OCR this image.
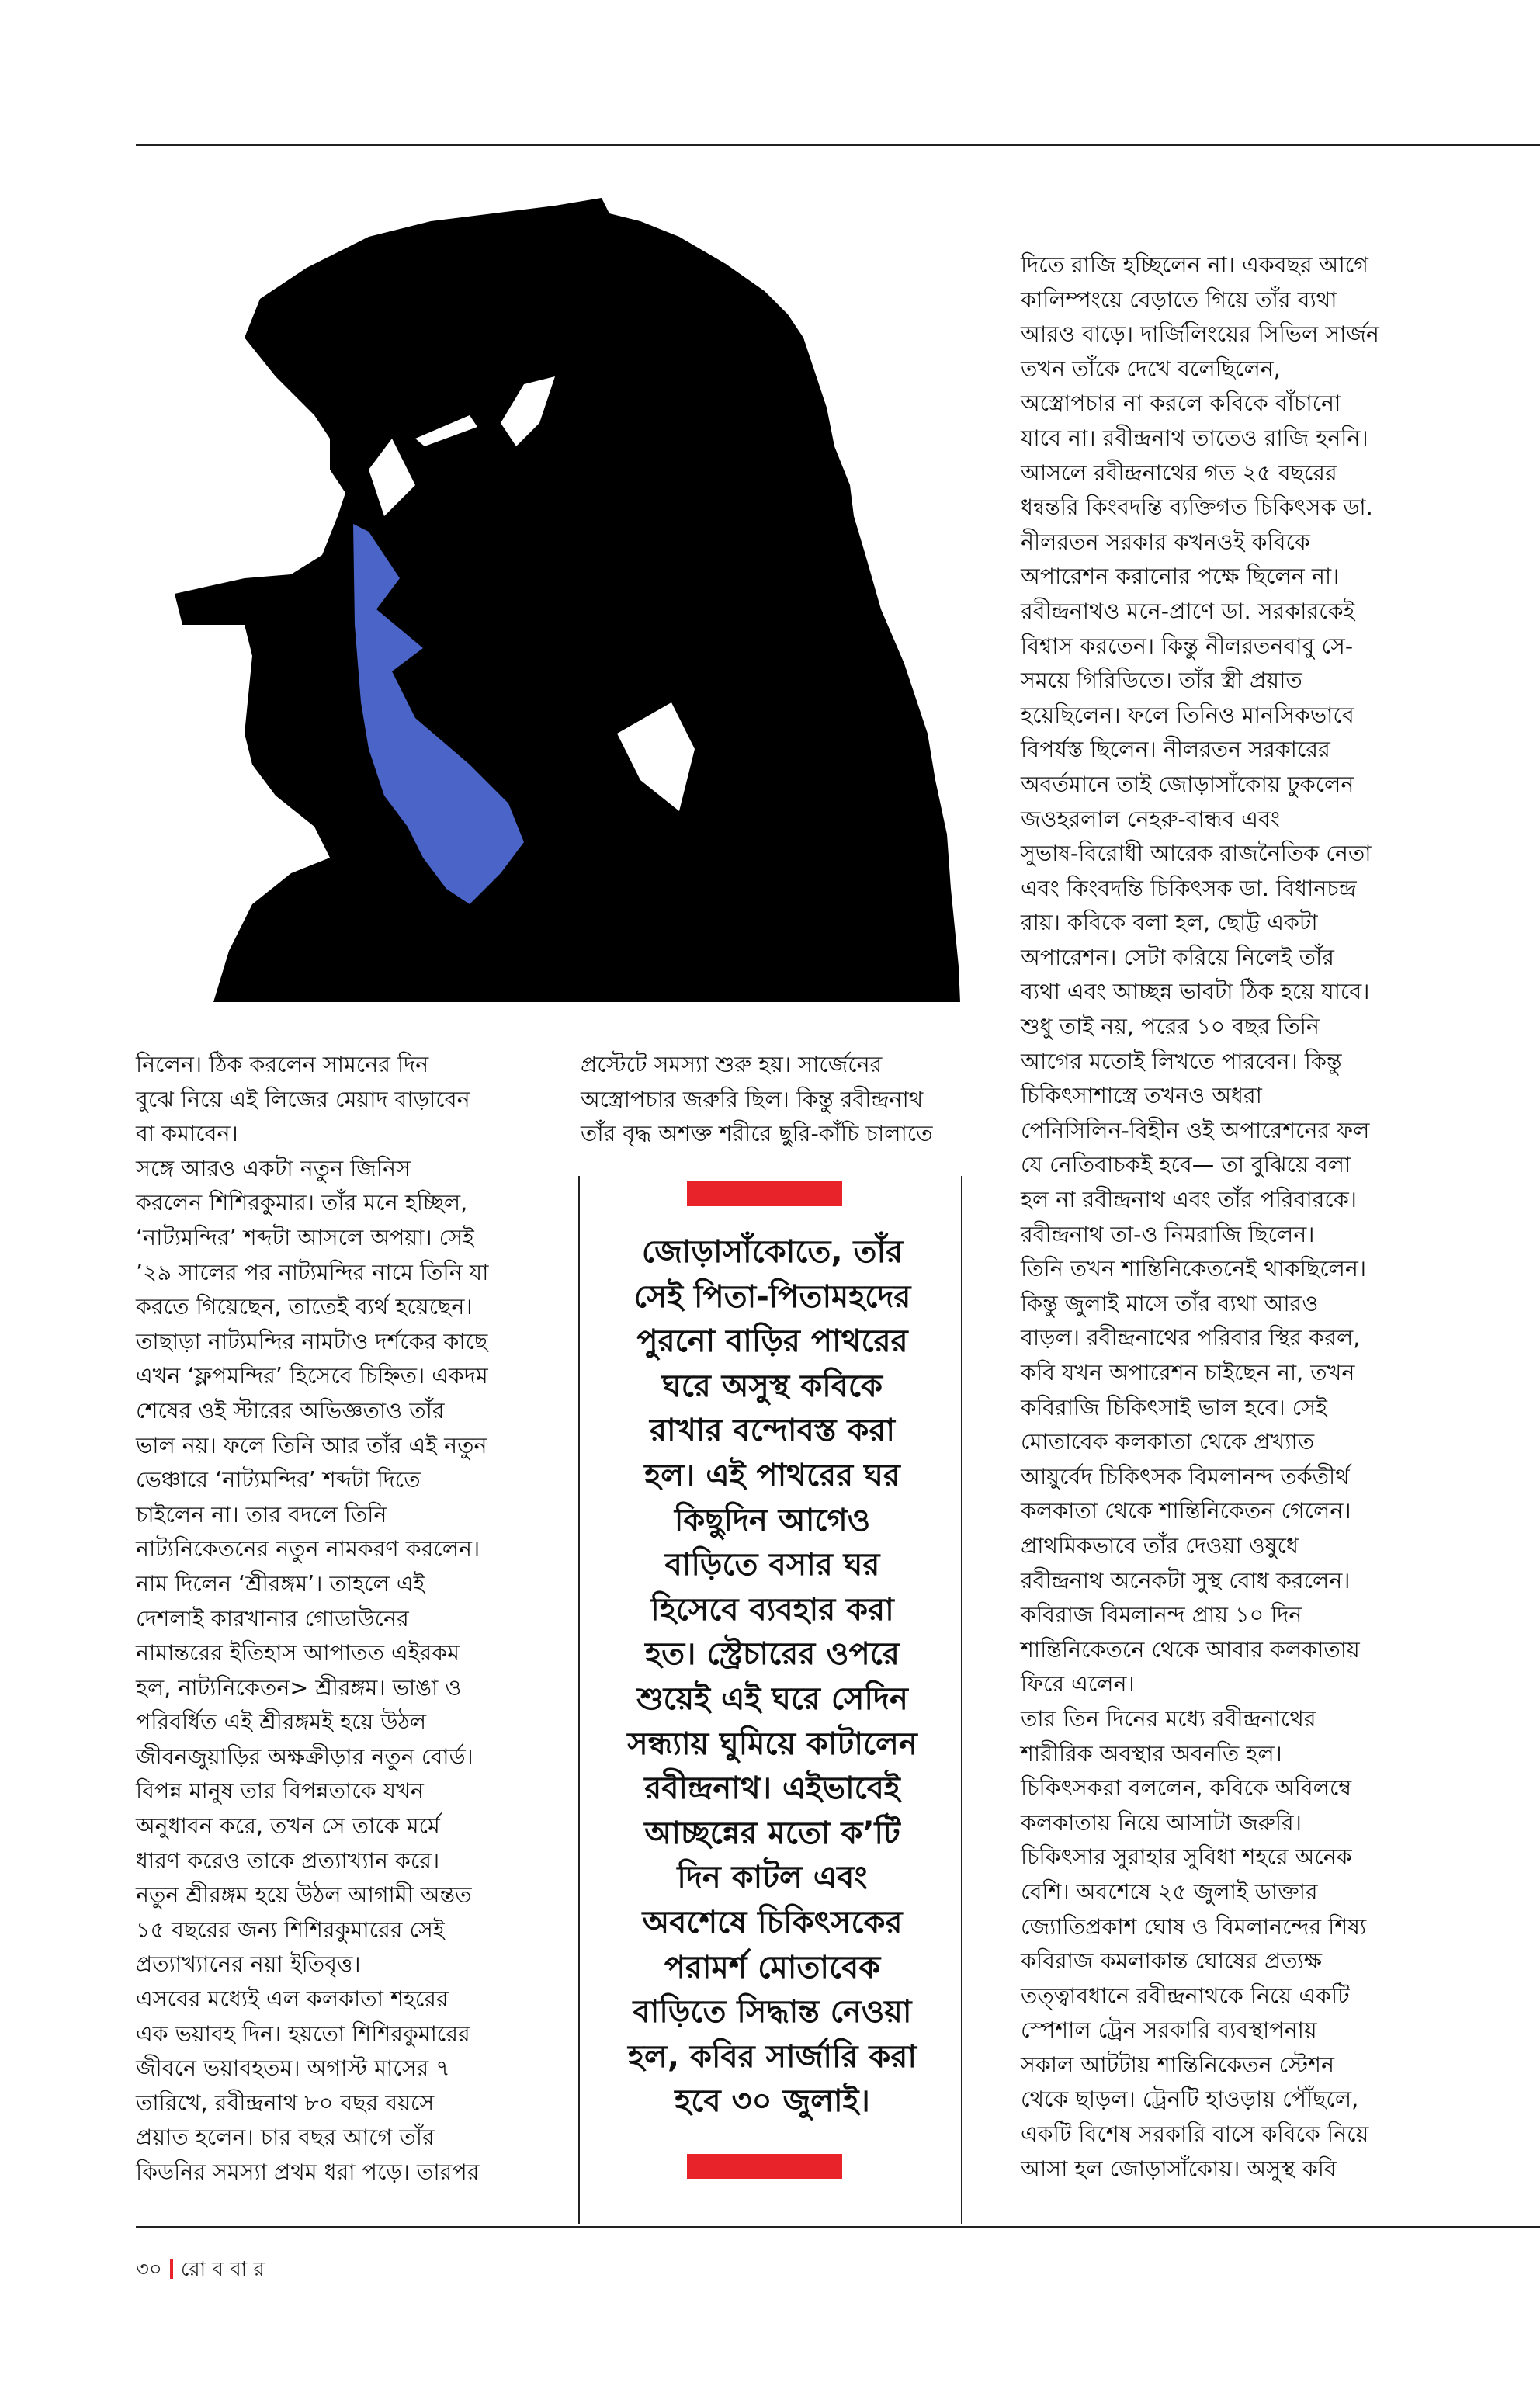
নিলেন। ঠিক করলেন সামনের দিন
বুঝে নিয়ে এই লিজের মেয়াদ বাড়াবেন
বা কমাবেন।
সঙ্গে আরও একটা নতুন জিনিস
করলেন শিশিরকুমার। তাঁর মনে হচ্ছিল,
‘নাট্যমন্দির’ শব্দটা আসলে অপয়া। সেই
’২৯ সালের পর নাট্যমন্দির নামে তিনি যা
করতে গিয়েছেন, তাতেই ব্যর্থ হয়েছেন।
তাছাড়া নাট্যমন্দির নামটাও দর্শকের কাছে
এখন ‘ফ্লপমন্দির’ হিসেবে চিহ্নিত। একদম
শেষের ওই স্টারের অভিজ্ঞতাও তাঁর
ভাল নয়। ফলে তিনি আর তাঁর এই নতুন
ভেঞ্চারে ‘নাট্যমন্দির’ শব্দটা দিতে
চাইলেন না। তার বদলে তিনি
নাট্যনিকেতনের নতুন নামকরণ করলেন।
নাম দিলেন ‘শ্রীরঙ্গম’। তাহলে এই
দেশলাই কারখানার গোডাউনের
নামান্তরের ইতিহাস আপাতত এইরকম
হল, নাট্যনিকেতন> শ্রীরঙ্গম। ভাঙা ও
পরিবর্ধিত এই শ্রীরঙ্গমই হয়ে উঠল
জীবনজুয়াড়ির অক্ষক্রীড়ার নতুন বোর্ড।
বিপন্ন মানুষ তার বিপন্নতাকে যখন
অনুধাবন করে, তখন সে তাকে মর্মে
ধারণ করেও তাকে প্রত্যাখ্যান করে।
নতুন শ্রীরঙ্গম হয়ে উঠল আগামী অন্তত
১৫ বছরের জন্য শিশিরকুমারের সেই
প্রত্যাখ্যানের নয়া ইতিবৃত্ত।
এসবের মধ্যেই এল কলকাতা শহরের
এক ভয়াবহ দিন। হয়তো শিশিরকুমারের
জীবনে ভয়াবহতম। অগাস্ট মাসের ৭
তারিখে, রবীন্দ্রনাথ ৮০ বছর বয়সে
প্রয়াত হলেন। চার বছর আগে তাঁর
কিডনির সমস্যা প্রথম ধরা পড়ে। তারপর
প্রস্টেটে সমস্যা শুরু হয়। সার্জেনের
অস্ত্রোপচার জরুরি ছিল। কিন্তু রবীন্দ্রনাথ
তাঁর বৃদ্ধ অশক্ত শরীরে ছুরি-কাঁচি চালাতে
দিতে রাজি হচ্ছিলেন না। একবছর আগে
কালিম্পংয়ে বেড়াতে গিয়ে তাঁর ব্যথা
আরও বাড়ে। দার্জিলিংয়ের সিভিল সার্জন
তখন তাঁকে দেখে বলেছিলেন,
অস্ত্রোপচার না করলে কবিকে বাঁচানো
যাবে না। রবীন্দ্রনাথ তাতেও রাজি হননি।
আসলে রবীন্দ্রনাথের গত ২৫ বছরের
ধন্বন্তরি কিংবদন্তি ব্যক্তিগত চিকিৎসক ডা.
নীলরতন সরকার কখনওই কবিকে
অপারেশন করানোর পক্ষে ছিলেন না।
রবীন্দ্রনাথও মনে-প্রাণে ডা. সরকারকেই
বিশ্বাস করতেন। কিন্তু নীলরতনবাবু সে-
সময়ে গিরিডিতে। তাঁর স্ত্রী প্রয়াত
হয়েছিলেন। ফলে তিনিও মানসিকভাবে
বিপর্যস্ত ছিলেন। নীলরতন সরকারের
অবর্তমানে তাই জোড়াসাঁকোয় ঢুকলেন
জওহরলাল নেহরু-বান্ধব এবং
সুভাষ-বিরোধী আরেক রাজনৈতিক নেতা
এবং কিংবদন্তি চিকিৎসক ডা. বিধানচন্দ্র
রায়। কবিকে বলা হল, ছোট্ট একটা
অপারেশন। সেটা করিয়ে নিলেই তাঁর
ব্যথা এবং আচ্ছন্ন ভাবটা ঠিক হয়ে যাবে।
শুধু তাই নয়, পরের ১০ বছর তিনি
আগের মতোই লিখতে পারবেন। কিন্তু
চিকিৎসাশাস্ত্রে তখনও অধরা
পেনিসিলিন-বিহীন ওই অপারেশনের ফল
যে নেতিবাচকই হবে— তা বুঝিয়ে বলা
হল না রবীন্দ্রনাথ এবং তাঁর পরিবারকে।
রবীন্দ্রনাথ তা-ও নিমরাজি ছিলেন।
তিনি তখন শান্তিনিকেতনেই থাকছিলেন।
কিন্তু জুলাই মাসে তাঁর ব্যথা আরও
বাড়ল। রবীন্দ্রনাথের পরিবার স্থির করল,
কবি যখন অপারেশন চাইছেন না, তখন
কবিরাজি চিকিৎসাই ভাল হবে। সেই
মোতাবেক কলকাতা থেকে প্রখ্যাত
আয়ুর্বেদ চিকিৎসক বিমলানন্দ তর্কতীর্থ
কলকাতা থেকে শান্তিনিকেতন গেলেন।
প্রাথমিকভাবে তাঁর দেওয়া ওষুধে
রবীন্দ্রনাথ অনেকটা সুস্থ বোধ করলেন।
কবিরাজ বিমলানন্দ প্রায় ১০ দিন
শান্তিনিকেতনে থেকে আবার কলকাতায়
ফিরে এলেন।
তার তিন দিনের মধ্যে রবীন্দ্রনাথের
শারীরিক অবস্থার অবনতি হল।
চিকিৎসকরা বললেন, কবিকে অবিলম্বে
কলকাতায় নিয়ে আসাটা জরুরি।
চিকিৎসার সুরাহার সুবিধা শহরে অনেক
বেশি। অবশেষে ২৫ জুলাই ডাক্তার
জ্যোতিপ্রকাশ ঘোষ ও বিমলানন্দের শিষ্য
কবিরাজ কমলাকান্ত ঘোষের প্রত্যক্ষ
তত্ত্বাবধানে রবীন্দ্রনাথকে নিয়ে একটি
স্পেশাল ট্রেন সরকারি ব্যবস্থাপনায়
সকাল আটটায় শান্তিনিকেতন স্টেশন
থেকে ছাড়ল। ট্রেনটি হাওড়ায় পৌঁছলে,
একটি বিশেষ সরকারি বাসে কবিকে নিয়ে
আসা হল জোড়াসাঁকোয়। অসুস্থ কবি
জোড়াসাঁকোতে, তাঁর
সেই পিতা-পিতামহদের
পুরনো বাড়ির পাথরের
ঘরে অসুস্থ কবিকে
রাখার বন্দোবস্ত করা
হল। এই পাথরের ঘর
কিছুদিন আগেও
বাড়িতে বসার ঘর
হিসেবে ব্যবহার করা
হত। স্ট্রেচারের ওপরে
শুয়েই এই ঘরে সেদিন
সন্ধ্যায় ঘুমিয়ে কাটালেন
রবীন্দ্রনাথ। এইভাবেই
আচ্ছন্নের মতো ক’টি
দিন কাটল এবং
অবশেষে চিকিৎসকের
পরামর্শ মোতাবেক
বাড়িতে সিদ্ধান্ত নেওয়া
হল, কবির সার্জারি করা
হবে ৩০ জুলাই।
৩০ রো ব বা র
